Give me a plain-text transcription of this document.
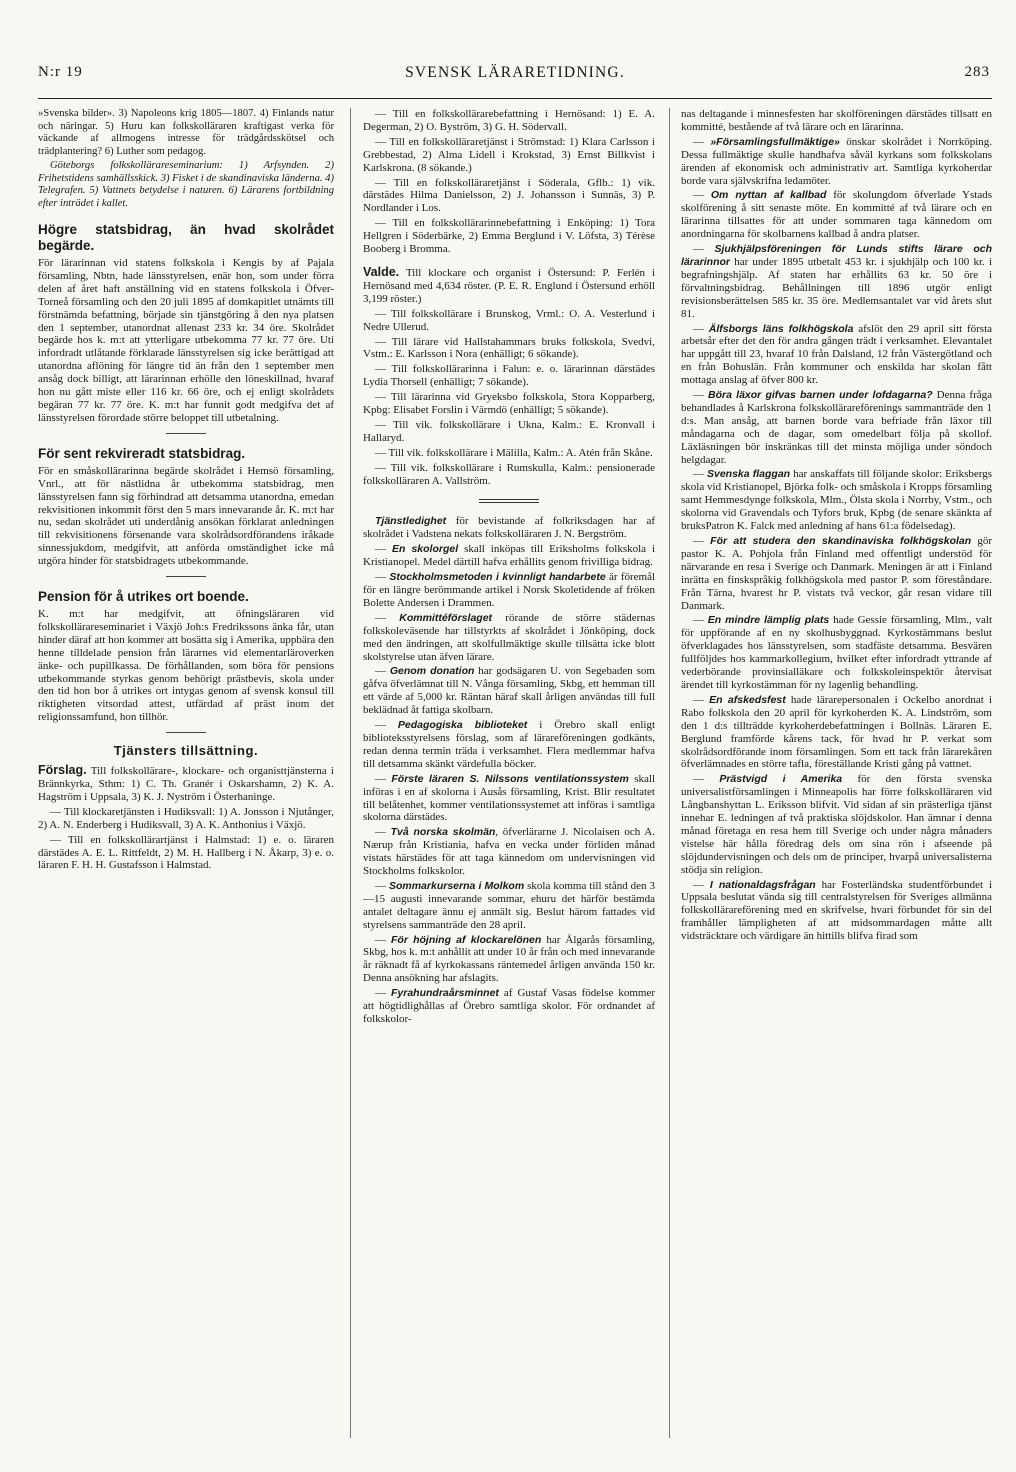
N:r 19	SVENSK LÄRARETIDNING.	283

»Svenska bilder». 3) Napoleons krig 1805—1807. 4) Finlands natur och näringar. 5) Huru kan folkskolläraren kraftigast verka för väckande af allmogens intresse för trädgårdsskötsel och trädplantering? 6) Luther som pedagog.

Göteborgs folkskollärareseminarium: 1) Arfsynden. 2) Frihetstidens samhällsskick. 3) Fisket i de skandinaviska länderna. 4) Telegrafen. 5) Vattnets betydelse i naturen. 6) Lärarens fortbildning efter inträdet i kallet.

Högre statsbidrag, än hvad skolrådet begärde.

För lärarinnan vid statens folkskola i Kengis by af Pajala församling, Nbtn, hade länsstyrelsen, enär hon, som under förra delen af året haft anställning vid en statens folkskola i Öfver-Torneå församling och den 20 juli 1895 af domkapitlet utnämts till förstnämda befattning, började sin tjänstgöring å den nya platsen den 1 september, utanordnat allenast 233 kr. 34 öre. Skolrådet begärde hos k. m:t att ytterligare utbekomma 77 kr. 77 öre. Uti infordradt utlåtande förklarade länsstyrelsen sig icke berättigad att utanordna aflöning för längre tid än från den 1 september men ansåg dock billigt, att lärarinnan erhölle den löneskillnad, hvaraf hon nu gått miste eller 116 kr. 66 öre, och ej enligt skolrådets begäran 77 kr. 77 öre. K. m:t har funnit godt medgifva det af länsstyrelsen förordade större beloppet till utbetalning.

För sent rekvireradt statsbidrag.

För en småskollärarinna begärde skolrådet i Hemsö församling, Vnrl., att för nästlidna år utbekomma statsbidrag, men länsstyrelsen fann sig förhindrad att detsamma utanordna, emedan rekvisitionen inkommit först den 5 mars innevarande år. K. m:t har nu, sedan skolrådet uti underdånig ansökan förklarat anledningen till rekvisitionens försenande vara skolrådsordförandens iråkade sinnessjukdom, medgifvit, att anförda omständighet icke må utgöra hinder för statsbidragets utbekommande.

Pension för å utrikes ort boende.

K. m:t har medgifvit, att öfningsläraren vid folkskollärareseminariet i Växjö Joh:s Fredrikssons änka får, utan hinder däraf att hon kommer att bosätta sig i Amerika, uppbära den henne tilldelade pension från lärarnes vid elementarläroverken änke- och pupillkassa. De förhållanden, som böra för pensions utbekommande styrkas genom behörigt prästbevis, skola under den tid hon bor å utrikes ort intygas genom af svensk konsul till riktigheten vitsordad attest, utfärdad af präst inom det religionssamfund, hon tillhör.

Tjänsters tillsättning.

Förslag. Till folkskollärare-, klockare- och organisttjänsterna i Brännkyrka, Sthm: 1) C. Th. Granér i Oskarshamn, 2) K. A. Hagström i Uppsala, 3) K. J. Nyström i Österhaninge.

— Till klockaretjänsten i Hudiksvall: 1) A. Jonsson i Njutånger, 2) A. N. Enderberg i Hudiksvall, 3) A. K. Anthonius i Växjö.

— Till en folkskollärartjänst i Halmstad: 1) e. o. läraren därstädes A. E. L. Rittfeldt, 2) M. H. Hallberg i N. Åkarp, 3) e. o. läraren F. H. H. Gustafsson i Halmstad.

— Till en folkskollärarebefattning i Hernösand: 1) E. A. Degerman, 2) O. Byström, 3) G. H. Södervall.

— Till en folkskolläraretjänst i Strömstad: 1) Klara Carlsson i Grebbestad, 2) Alma Lidell i Krokstad, 3) Ernst Billkvist i Karlskrona. (8 sökande.)

— Till en folkskolläraretjänst i Söderala, Gflb.: 1) vik. därstädes Hilma Danielsson, 2) J. Johansson i Sunnäs, 3) P. Nordlander i Los.

— Till en folkskollärarinnebefattning i Enköping: 1) Tora Hellgren i Söderbärke, 2) Emma Berglund i V. Löfsta, 3) Térèse Booberg i Bromma.

Valde. Till klockare och organist i Östersund: P. Ferlén i Hernösand med 4,634 röster. (P. E. R. Englund i Östersund erhöll 3,199 röster.)

— Till folkskollärare i Brunskog, Vrml.: O. A. Vesterlund i Nedre Ullerud.

— Till lärare vid Hallstahammars bruks folkskola, Svedvi, Vstm.: E. Karlsson i Nora (enhälligt; 6 sökande).

— Till folkskollärarinna i Falun: e. o. lärarinnan därstädes Lydia Thorsell (enhälligt; 7 sökande).

— Till lärarinna vid Gryeksbo folkskola, Stora Kopparberg, Kpbg: Elisabet Forslin i Värmdö (enhälligt; 5 sökande).

— Till vik. folkskollärare i Ukna, Kalm.: E. Kronvall i Hallaryd.

— Till vik. folkskollärare i Mälilla, Kalm.: A. Atén från Skåne.

— Till vik. folkskollärare i Rumskulla, Kalm.: pensionerade folkskolläraren A. Vallström.

Tjänstledighet för bevistande af folkriksdagen har af skolrådet i Vadstena nekats folkskolläraren J. N. Bergström.

— En skolorgel skall inköpas till Eriksholms folkskola i Kristianopel. Medel därtill hafva erhållits genom frivilliga bidrag.

— Stockholmsmetoden i kvinnligt handarbete är föremål för en längre berömmande artikel i Norsk Skoletidende af fröken Bolette Andersen i Drammen.

— Kommittéförslaget rörande de större städernas folkskoleväsende har tillstyrkts af skolrådet i Jönköping, dock med den ändringen, att skolfullmäktige skulle tillsätta icke blott skolstyrelse utan äfven lärare.

— Genom donation har godsägaren U. von Segebaden som gåfva öfverlämnat till N. Vånga församling, Skbg, ett hemman till ett värde af 5,000 kr. Räntan häraf skall årligen användas till full beklädnad åt fattiga skolbarn.

— Pedagogiska biblioteket i Örebro skall enligt biblioteksstyrelsens förslag, som af lärareföreningen godkänts, redan denna termin träda i verksamhet. Flera medlemmar hafva till detsamma skänkt värdefulla böcker.

— Förste läraren S. Nilssons ventilationssystem skall införas i en af skolorna i Ausås församling, Krist. Blir resultatet till belåtenhet, kommer ventilationssystemet att införas i samtliga skolorna därstädes.

— Två norska skolmän, öfverlärarne J. Nicolaisen och A. Nærup från Kristiania, hafva en vecka under förliden månad vistats härstädes för att taga kännedom om undervisningen vid Stockholms folkskolor.

— Sommarkurserna i Molkom skola komma till stånd den 3—15 augusti innevarande sommar, ehuru det härför bestämda antalet deltagare ännu ej anmält sig. Beslut härom fattades vid styrelsens sammanträde den 28 april.

— För höjning af klockarelönen har Älgarås församling, Skbg, hos k. m:t anhållit att under 10 år från och med innevarande år räknadt få af kyrkokassans räntemedel årligen använda 150 kr. Denna ansökning har afslagits.

— Fyrahundraårsminnet af Gustaf Vasas födelse kommer att högtidlighållas af Örebro samtliga skolor. För ordnandet af folkskolor-

nas deltagande i minnesfesten har skolföreningen därstädes tillsatt en kommitté, bestående af två lärare och en lärarinna.

— »Församlingsfullmäktige» önskar skolrådet i Norrköping. Dessa fullmäktige skulle handhafva såväl kyrkans som folkskolans ärenden af ekonomisk och administrativ art. Samtliga kyrkoherdar borde vara självskrifna ledamöter.

— Om nyttan af kallbad för skolungdom öfverlade Ystads skolförening å sitt senaste möte. En kommitté af två lärare och en lärarinna tillsattes för att under sommaren taga kännedom om anordningarna för skolbarnens kallbad å andra platser.

— Sjukhjälpsföreningen för Lunds stifts lärare och lärarinnor har under 1895 utbetalt 453 kr. i sjukhjälp och 100 kr. i begrafningshjälp. Af staten har erhållits 63 kr. 50 öre i förvaltningsbidrag. Behållningen till 1896 utgör enligt revisionsberättelsen 585 kr. 35 öre. Medlemsantalet var vid årets slut 81.

— Älfsborgs läns folkhögskola afslöt den 29 april sitt första arbetsår efter det den för andra gången trädt i verksamhet. Elevantalet har uppgått till 23, hvaraf 10 från Dalsland, 12 från Västergötland och en från Bohuslän. Från kommuner och enskilda har skolan fått mottaga anslag af öfver 800 kr.

— Böra läxor gifvas barnen under lofdagarna? Denna fråga behandlades å Karlskrona folkskollärareförenings sammanträde den 1 d:s. Man ansåg, att barnen borde vara befriade från läxor till måndagarna och de dagar, som omedelbart följa på skollof. Läxläsningen bör inskränkas till det minsta möjliga under söndoch helgdagar.

— Svenska flaggan har anskaffats till följande skolor: Eriksbergs skola vid Kristianopel, Björka folk- och småskola i Kropps församling samt Hemmesdynge folkskola, Mlm., Ölsta skola i Norrby, Vstm., och skolorna vid Gravendals och Tyfors bruk, Kpbg (de senare skänkta af bruksPatron K. Falck med anledning af hans 61:a födelsedag).

— För att studera den skandinaviska folkhögskolan gör pastor K. A. Pohjola från Finland med offentligt understöd för närvarande en resa i Sverige och Danmark. Meningen är att i Finland inrätta en finskspråkig folkhögskola med pastor P. som föreståndare. Från Tärna, hvarest hr P. vistats två veckor, går resan vidare till Danmark.

— En mindre lämplig plats hade Gessie församling, Mlm., valt för uppförande af en ny skolhusbyggnad. Kyrkostämmans beslut öfverklagades hos länsstyrelsen, som stadfäste detsamma. Besvären fullföljdes hos kammarkollegium, hvilket efter infordradt yttrande af vederbörande provinsialläkare och folkskoleinspektör återvisat ärendet till kyrkostämman för ny lagenlig behandling.

— En afskedsfest hade lärarepersonalen i Ockelbo anordnat i Rabo folkskola den 20 april för kyrkoherden K. A. Lindström, som den 1 d:s tillträdde kyrkoherdebefattningen i Bollnäs. Läraren E. Berglund framförde kårens tack, för hvad hr P. verkat som skolrådsordförande inom församlingen. Som ett tack från lärarekåren öfverlämnades en större tafla, föreställande Kristi gång på vattnet.

— Prästvigd i Amerika för den första svenska universalistförsamlingen i Minneapolis har förre folkskolläraren vid Långbanshyttan L. Eriksson blifvit. Vid sidan af sin prästerliga tjänst innehar E. ledningen af två praktiska slöjdskolor. Han ämnar i denna månad företaga en resa hem till Sverige och under några månaders vistelse här hålla föredrag dels om sina rön i afseende på slöjdundervisningen och dels om de principer, hvarpå universalisterna stödja sin religion.

— I nationaldagsfrågan har Fosterländska studentförbundet i Uppsala beslutat vända sig till centralstyrelsen för Sveriges allmänna folkskollärareförening med en skrifvelse, hvari förbundet för sin del framhåller lämpligheten af att midsommardagen måtte allt vidsträcktare och värdigare än hittills blifva firad som
